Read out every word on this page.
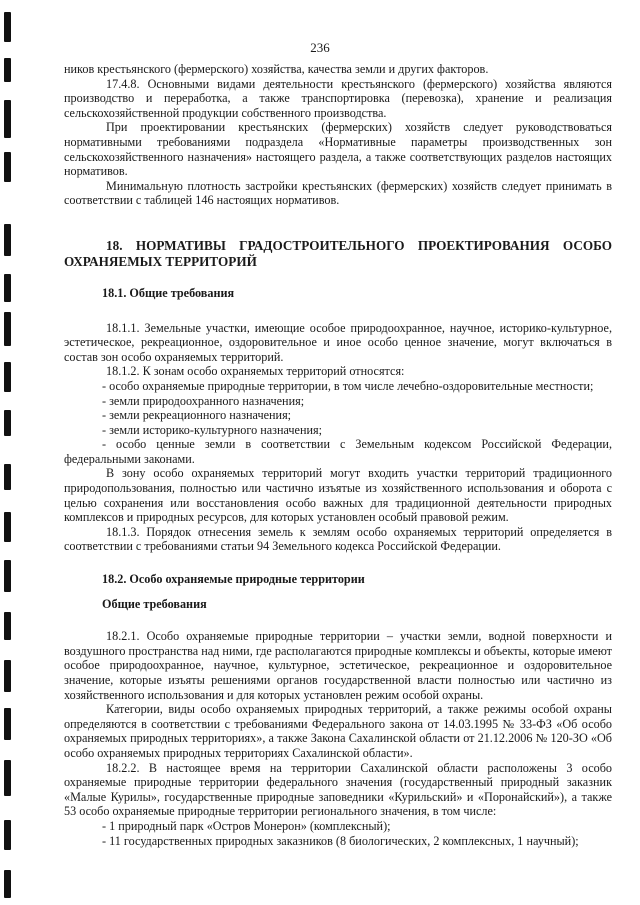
236

ников крестьянского (фермерского) хозяйства, качества земли и других факторов.

17.4.8. Основными видами деятельности крестьянского (фермерского) хозяйства являются производство и переработка, а также транспортировка (перевозка), хранение и реализация сельскохозяйственной продукции собственного производства.

При проектировании крестьянских (фермерских) хозяйств следует руководствоваться нормативными требованиями подраздела «Нормативные параметры производственных зон сельскохозяйственного назначения» настоящего раздела, а также соответствующих разделов настоящих нормативов.

Минимальную плотность застройки крестьянских (фермерских) хозяйств следует принимать в соответствии с таблицей 146 настоящих нормативов.

18. НОРМАТИВЫ ГРАДОСТРОИТЕЛЬНОГО ПРОЕКТИРОВАНИЯ ОСОБО ОХРАНЯЕМЫХ ТЕРРИТОРИЙ

18.1. Общие требования

18.1.1. Земельные участки, имеющие особое природоохранное, научное, историко-культурное, эстетическое, рекреационное, оздоровительное и иное особо ценное значение, могут включаться в состав зон особо охраняемых территорий.

18.1.2. К зонам особо охраняемых территорий относятся:

- особо охраняемые природные территории, в том числе лечебно-оздоровительные местности;

- земли природоохранного назначения;

- земли рекреационного назначения;

- земли историко-культурного назначения;

- особо ценные земли в соответствии с Земельным кодексом Российской Федерации, федеральными законами.

В зону особо охраняемых территорий могут входить участки территорий традиционного природопользования, полностью или частично изъятые из хозяйственного использования и оборота с целью сохранения или восстановления особо важных для традиционной деятельности природных комплексов и природных ресурсов, для которых установлен особый правовой режим.

18.1.3. Порядок отнесения земель к землям особо охраняемых территорий определяется в соответствии с требованиями статьи 94 Земельного кодекса Российской Федерации.

18.2. Особо охраняемые природные территории

Общие требования

18.2.1. Особо охраняемые природные территории – участки земли, водной поверхности и воздушного пространства над ними, где располагаются природные комплексы и объекты, которые имеют особое природоохранное, научное, культурное, эстетическое, рекреационное и оздоровительное значение, которые изъяты решениями органов государственной власти полностью или частично из хозяйственного использования и для которых установлен режим особой охраны.

Категории, виды особо охраняемых природных территорий, а также режимы особой охраны определяются в соответствии с требованиями Федерального закона от 14.03.1995 № 33-ФЗ «Об особо охраняемых природных территориях», а также Закона Сахалинской области от 21.12.2006 № 120-ЗО «Об особо охраняемых природных территориях Сахалинской области».

18.2.2. В настоящее время на территории Сахалинской области расположены 3 особо охраняемые природные территории федерального значения (государственный природный заказник «Малые Курилы», государственные природные заповедники «Курильский» и «Поронайский»), а также 53 особо охраняемые природные территории регионального значения, в том числе:

- 1 природный парк «Остров Монерон» (комплексный);

- 11 государственных природных заказников (8 биологических, 2 комплексных, 1 научный);
